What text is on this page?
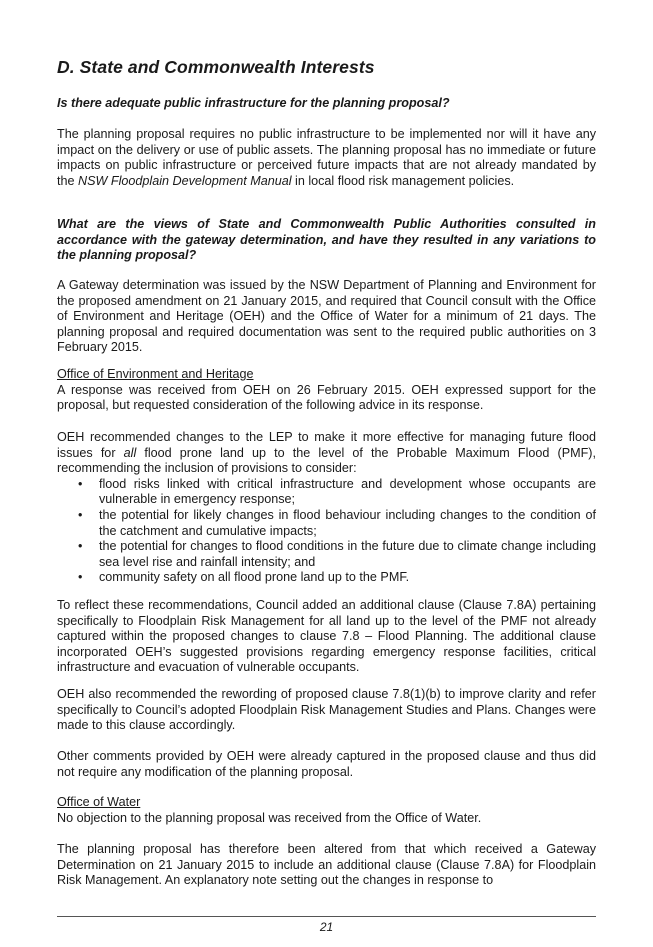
D. State and Commonwealth Interests

Is there adequate public infrastructure for the planning proposal?

The planning proposal requires no public infrastructure to be implemented nor will it have any impact on the delivery or use of public assets. The planning proposal has no immediate or future impacts on public infrastructure or perceived future impacts that are not already mandated by the NSW Floodplain Development Manual in local flood risk management policies.

What are the views of State and Commonwealth Public Authorities consulted in accordance with the gateway determination, and have they resulted in any variations to the planning proposal?

A Gateway determination was issued by the NSW Department of Planning and Environment for the proposed amendment on 21 January 2015, and required that Council consult with the Office of Environment and Heritage (OEH) and the Office of Water for a minimum of 21 days. The planning proposal and required documentation was sent to the required public authorities on 3 February 2015.

Office of Environment and Heritage

A response was received from OEH on 26 February 2015. OEH expressed support for the proposal, but requested consideration of the following advice in its response.

OEH recommended changes to the LEP to make it more effective for managing future flood issues for all flood prone land up to the level of the Probable Maximum Flood (PMF), recommending the inclusion of provisions to consider:

• flood risks linked with critical infrastructure and development whose occupants are vulnerable in emergency response;
• the potential for likely changes in flood behaviour including changes to the condition of the catchment and cumulative impacts;
• the potential for changes to flood conditions in the future due to climate change including sea level rise and rainfall intensity; and
• community safety on all flood prone land up to the PMF.

To reflect these recommendations, Council added an additional clause (Clause 7.8A) pertaining specifically to Floodplain Risk Management for all land up to the level of the PMF not already captured within the proposed changes to clause 7.8 – Flood Planning. The additional clause incorporated OEH’s suggested provisions regarding emergency response facilities, critical infrastructure and evacuation of vulnerable occupants.

OEH also recommended the rewording of proposed clause 7.8(1)(b) to improve clarity and refer specifically to Council’s adopted Floodplain Risk Management Studies and Plans. Changes were made to this clause accordingly.

Other comments provided by OEH were already captured in the proposed clause and thus did not require any modification of the planning proposal.

Office of Water

No objection to the planning proposal was received from the Office of Water.

The planning proposal has therefore been altered from that which received a Gateway Determination on 21 January 2015 to include an additional clause (Clause 7.8A) for Floodplain Risk Management. An explanatory note setting out the changes in response to

21
